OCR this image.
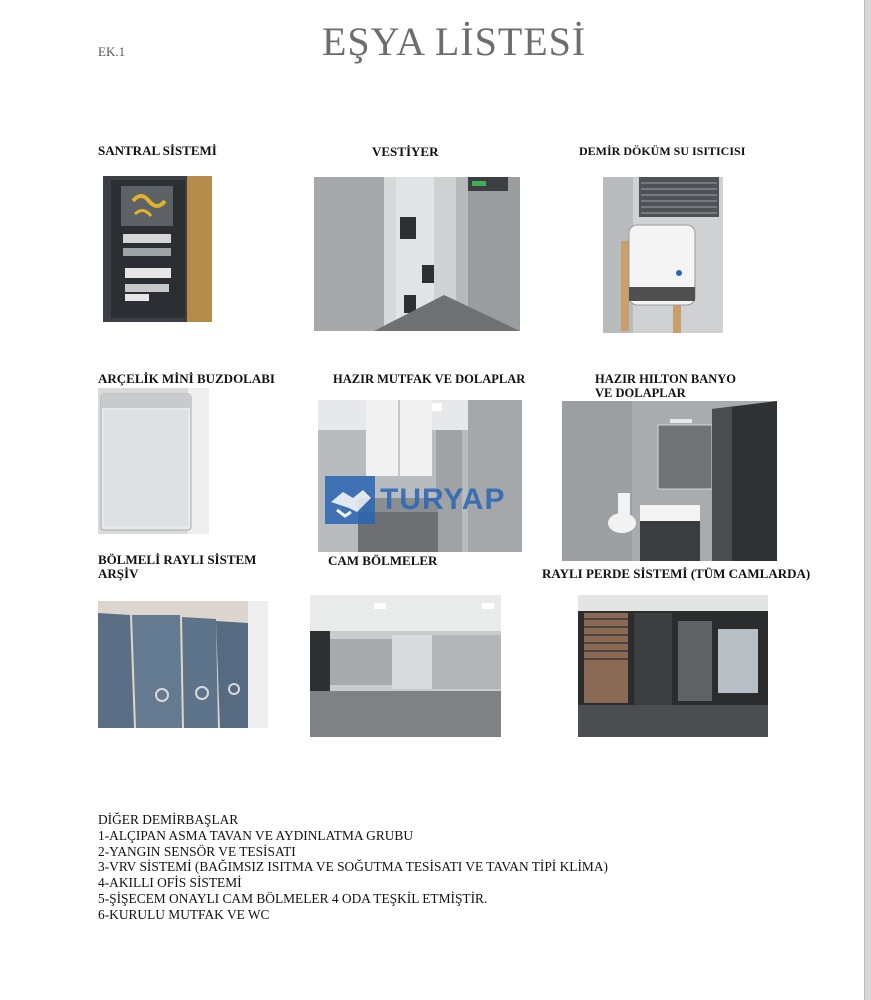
EK.1	EŞYA LİSTESİ
SANTRAL SİSTEMİ	VESTİYER	DEMİR DÖKÜM SU ISITICISI
ARÇELİK MİNİ BUZDOLABI	HAZIR MUTFAK VE DOLAPLAR	HAZIR HILTON BANYO
VE DOLAPLAR
TURYAP
BÖLMELİ RAYLI SİSTEM
ARŞİV
CAM BÖLMELER
RAYLI PERDE SİSTEMİ (TÜM CAMLARDA)
DİĞER DEMİRBAŞLAR
1-ALÇIPAN ASMA TAVAN VE AYDINLATMA GRUBU
2-YANGIN SENSÖR VE TESİSATI
3-VRV SİSTEMİ (BAĞIMSIZ ISITMA VE SOĞUTMA TESİSATI VE TAVAN TİPİ KLİMA)
4-AKILLI OFİS SİSTEMİ
5-ŞİŞECEM ONAYLI CAM BÖLMELER 4 ODA TEŞKİL ETMİŞTİR.
6-KURULU MUTFAK VE WC
